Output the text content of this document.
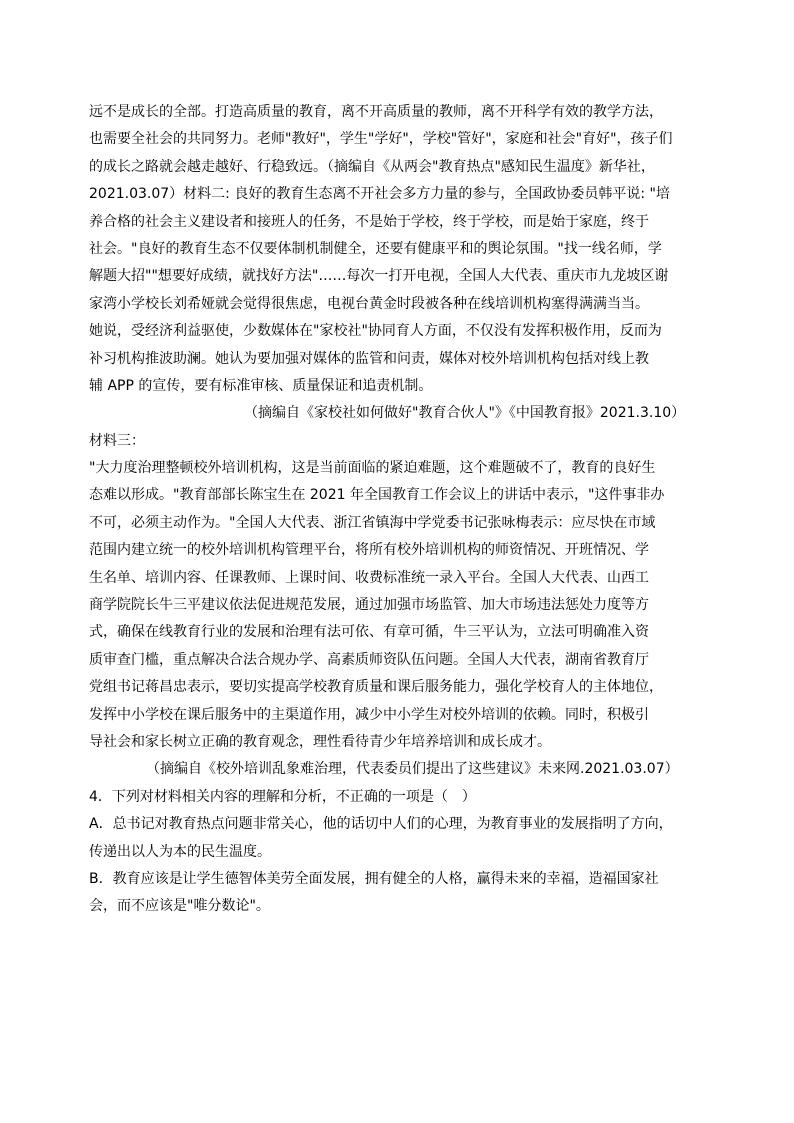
远不是成长的全部。打造高质量的教育，离不开高质量的教师，离不开科学有效的教学方法，
也需要全社会的共同努力。老师"教好"，学生"学好"，学校"管好"，家庭和社会"育好"，孩子们
的成长之路就会越走越好、行稳致远。（摘编自《从两会"教育热点"感知民生温度》新华社，
2021.03.07）材料二: 良好的教育生态离不开社会多方力量的参与，全国政协委员韩平说: "培
养合格的社会主义建设者和接班人的任务，不是始于学校，终于学校，而是始于家庭，终于
社会。"良好的教育生态不仅要体制机制健全，还要有健康平和的舆论氛围。"找一线名师，学
解题大招""想要好成绩，就找好方法"……每次一打开电视，全国人大代表、重庆市九龙坡区谢
家湾小学校长刘希娅就会觉得很焦虑，电视台黄金时段被各种在线培训机构塞得满满当当。
她说，受经济利益驱使，少数媒体在"家校社"协同育人方面，不仅没有发挥积极作用，反而为
补习机构推波助澜。她认为要加强对媒体的监管和问责，媒体对校外培训机构包括对线上教
辅 APP 的宣传，要有标准审核、质量保证和追责机制。
（摘编自《家校社如何做好"教育合伙人"》《中国教育报》2021.3.10）
材料三：
"大力度治理整顿校外培训机构，这是当前面临的紧迫难题，这个难题破不了，教育的良好生
态难以形成。"教育部部长陈宝生在 2021 年全国教育工作会议上的讲话中表示，"这件事非办
不可，必须主动作为。"全国人大代表、浙江省镇海中学党委书记张咏梅表示：应尽快在市域
范围内建立统一的校外培训机构管理平台，将所有校外培训机构的师资情况、开班情况、学
生名单、培训内容、任课教师、上课时间、收费标准统一录入平台。全国人大代表、山西工
商学院院长牛三平建议依法促进规范发展，通过加强市场监管、加大市场违法惩处力度等方
式，确保在线教育行业的发展和治理有法可依、有章可循，牛三平认为，立法可明确准入资
质审查门槛，重点解决合法合规办学、高素质师资队伍问题。全国人大代表，湖南省教育厅
党组书记蒋昌忠表示，要切实提高学校教育质量和课后服务能力，强化学校育人的主体地位，
发挥中小学校在课后服务中的主渠道作用，减少中小学生对校外培训的依赖。同时，积极引
导社会和家长树立正确的教育观念，理性看待青少年培养培训和成长成才。
（摘编自《校外培训乱象难治理，代表委员们提出了这些建议》未来网.2021.03.07）
4．下列对材料相关内容的理解和分析，不正确的一项是（　）
A．总书记对教育热点问题非常关心，他的话切中人们的心理，为教育事业的发展指明了方向，
传递出以人为本的民生温度。
B．教育应该是让学生德智体美劳全面发展，拥有健全的人格，赢得未来的幸福，造福国家社
会，而不应该是"唯分数论"。
